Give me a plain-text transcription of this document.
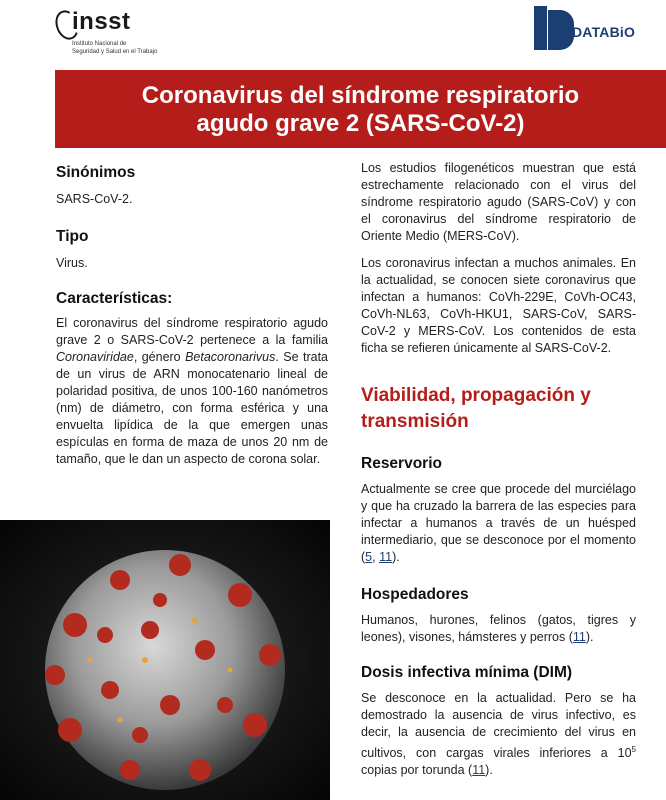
insst
Instituto Nacional de
Seguridad y Salud en el Trabajo
DATABiO
Coronavirus del síndrome respiratorio
agudo grave 2 (SARS-CoV-2)
Sinónimos
SARS-CoV-2.
Tipo
Virus.
Características:
El coronavirus del síndrome respiratorio agudo grave 2 o SARS-CoV-2 pertenece a la familia Coronaviridae, género Betacoronarivus. Se trata de un virus de ARN monocatenario lineal de polaridad positiva, de unos 100-160 nanómetros (nm) de diámetro, con forma esférica y una envuelta lipídica de la que emergen unas espículas en forma de maza de unos 20 nm de tamaño, que le dan un aspecto de corona solar.
Los estudios filogenéticos muestran que está estrechamente relacionado con el virus del síndrome respiratorio agudo (SARS-CoV) y con el coronavirus del síndrome respiratorio de Oriente Medio (MERS-CoV).
Los coronavirus infectan a muchos animales. En la actualidad, se conocen siete coronavirus que infectan a humanos: CoVh-229E, CoVh-OC43, CoVh-NL63, CoVh-HKU1, SARS-CoV, SARS-CoV-2 y MERS-CoV. Los contenidos de esta ficha se refieren únicamente al SARS-CoV-2.
Viabilidad, propagación y transmisión
Reservorio
Actualmente se cree que procede del murciélago y que ha cruzado la barrera de las especies para infectar a humanos a través de un huésped intermediario, que se desconoce por el momento (5, 11).
Hospedadores
Humanos, hurones, felinos (gatos, tigres y leones), visones, hámsteres y perros (11).
Dosis infectiva mínima (DIM)
Se desconoce en la actualidad. Pero se ha demostrado la ausencia de virus infectivo, es decir, la ausencia de crecimiento del virus en cultivos, con cargas virales inferiores a $10^5$ copias por torunda (11).
